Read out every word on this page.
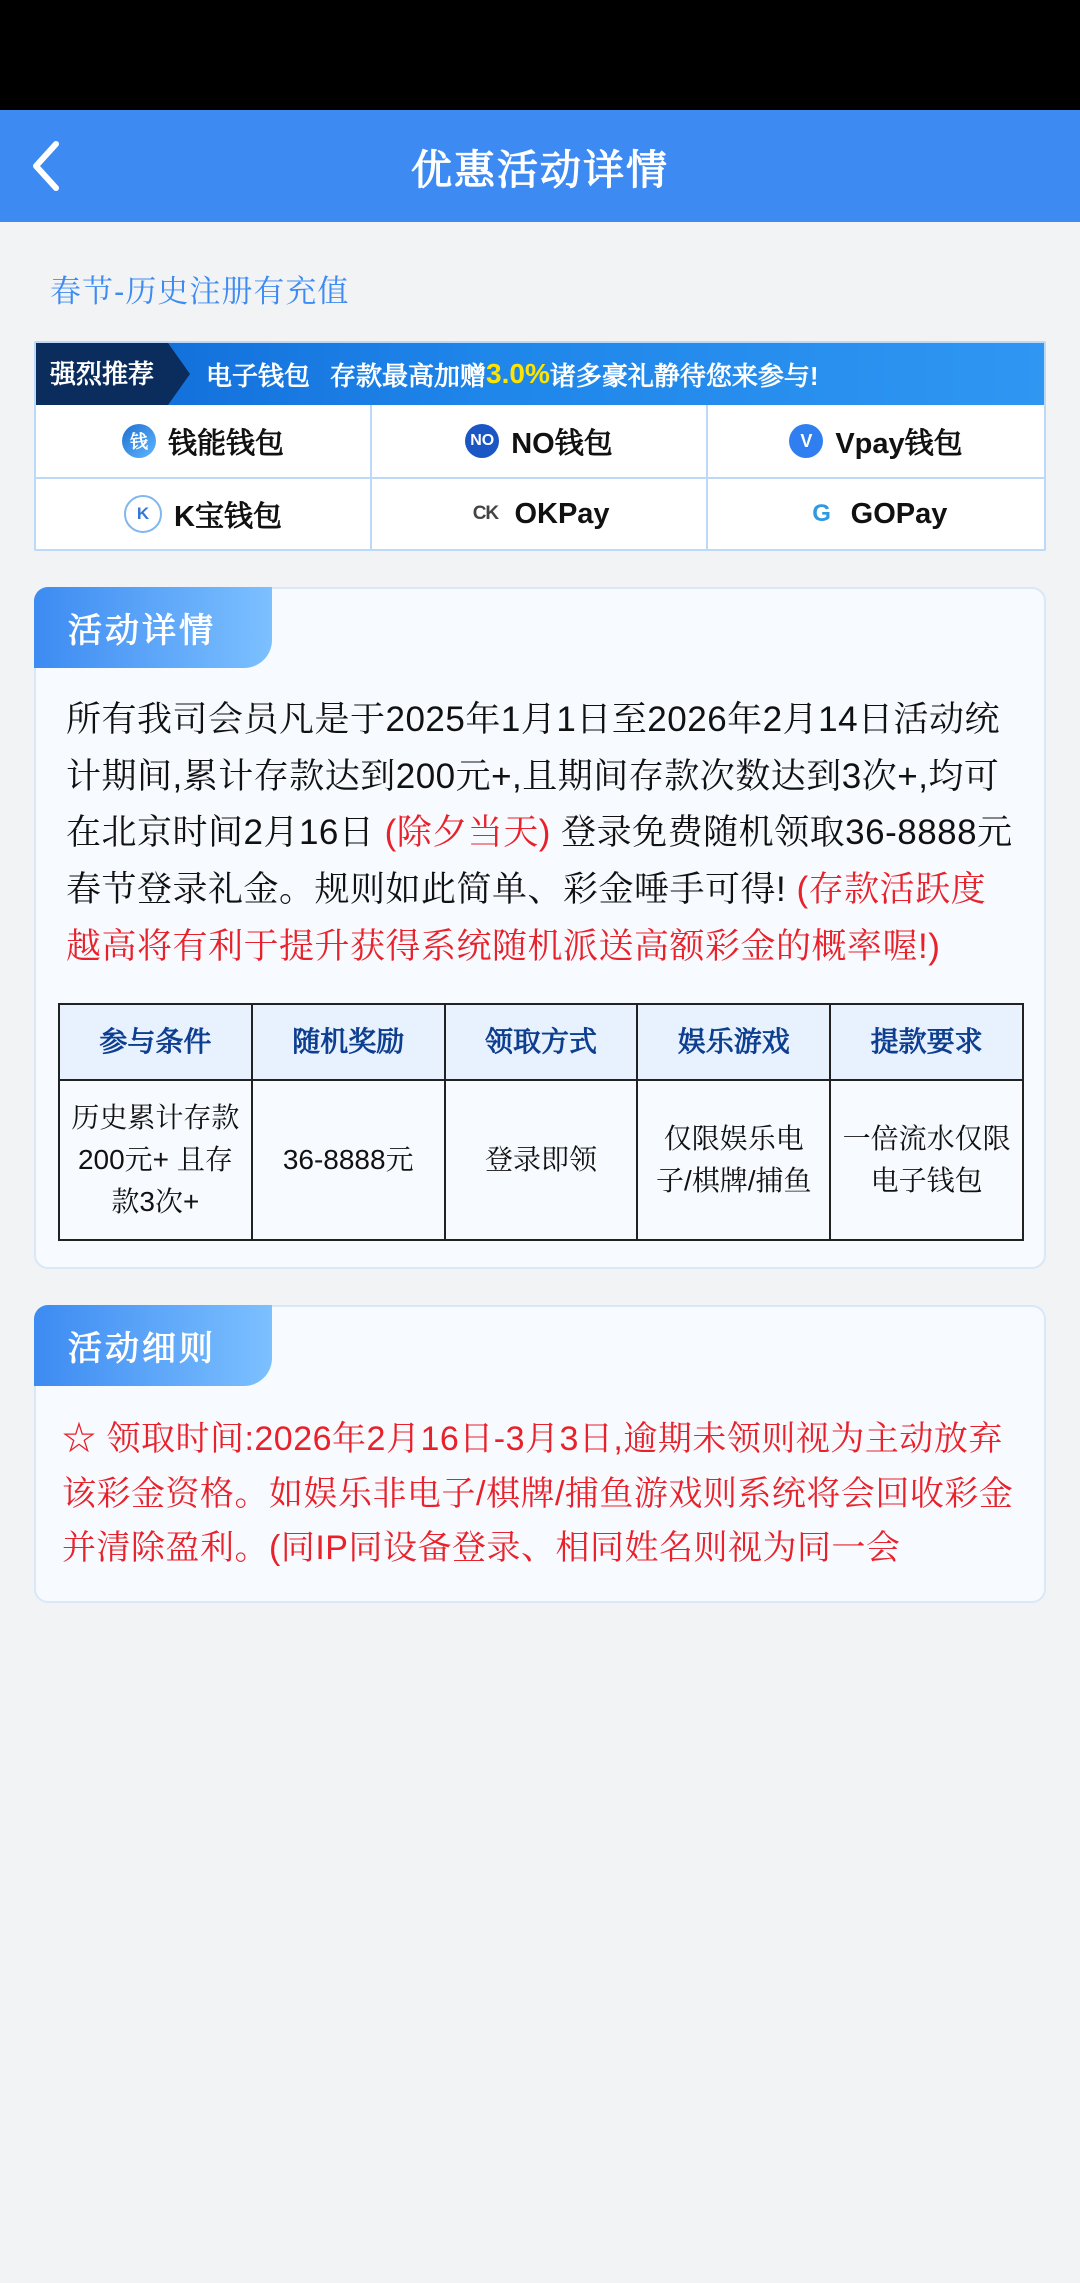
优惠活动详情
春节-历史注册有充值
强烈推荐	电子钱包 存款最高加赠 3.0% 诸多豪礼静待您来参与!
钱 钱能钱包	NO NO钱包	V Vpay钱包
K K宝钱包	CK OKPay	G GOPay
活动详情
所有我司会员凡是于2025年1月1日至2026年2月14日活动统计期间,累计存款达到200元+,且期间存款次数达到3次+,均可在北京时间2月16日 (除夕当天) 登录免费随机领取36-8888元春节登录礼金。规则如此简单、彩金唾手可得! (存款活跃度越高将有利于提升获得系统随机派送高额彩金的概率喔!)
参与条件	随机奖励	领取方式	娱乐游戏	提款要求
历史累计存款200元+ 且存款3次+	36-8888元	登录即领	仅限娱乐电子/棋牌/捕鱼	一倍流水仅限电子钱包
活动细则
☆ 领取时间:2026年2月16日-3月3日,逾期未领则视为主动放弃该彩金资格。如娱乐非电子/棋牌/捕鱼游戏则系统将会回收彩金并清除盈利。(同IP同设备登录、相同姓名则视为同一会
